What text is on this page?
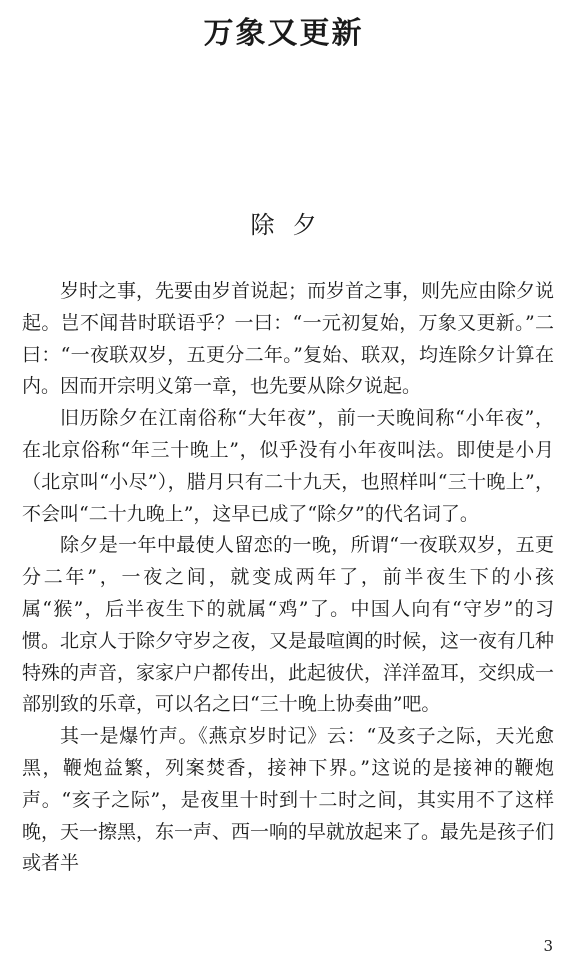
万象又更新
除夕

岁时之事，先要由岁首说起；而岁首之事，则先应由除夕说起。岂不闻昔时联语乎？一曰：“一元初复始，万象又更新。”二曰：“一夜联双岁，五更分二年。”复始、联双，均连除夕计算在内。因而开宗明义第一章，也先要从除夕说起。

旧历除夕在江南俗称“大年夜”，前一天晚间称“小年夜”，在北京俗称“年三十晚上”，似乎没有小年夜叫法。即使是小月（北京叫“小尽”），腊月只有二十九天，也照样叫“三十晚上”，不会叫“二十九晚上”，这早已成了“除夕”的代名词了。

除夕是一年中最使人留恋的一晚，所谓“一夜联双岁，五更分二年”，一夜之间，就变成两年了，前半夜生下的小孩属“猴”，后半夜生下的就属“鸡”了。中国人向有“守岁”的习惯。北京人于除夕守岁之夜，又是最喧阗的时候，这一夜有几种特殊的声音，家家户户都传出，此起彼伏，洋洋盈耳，交织成一部别致的乐章，可以名之曰“三十晚上协奏曲”吧。

其一是爆竹声。《燕京岁时记》云：“及亥子之际，天光愈黑，鞭炮益繁，列案焚香，接神下界。”这说的是接神的鞭炮声。“亥子之际”，是夜里十时到十二时之间，其实用不了这样晚，天一擦黑，东一声、西一响的早就放起来了。最先是孩子们或者半

3
